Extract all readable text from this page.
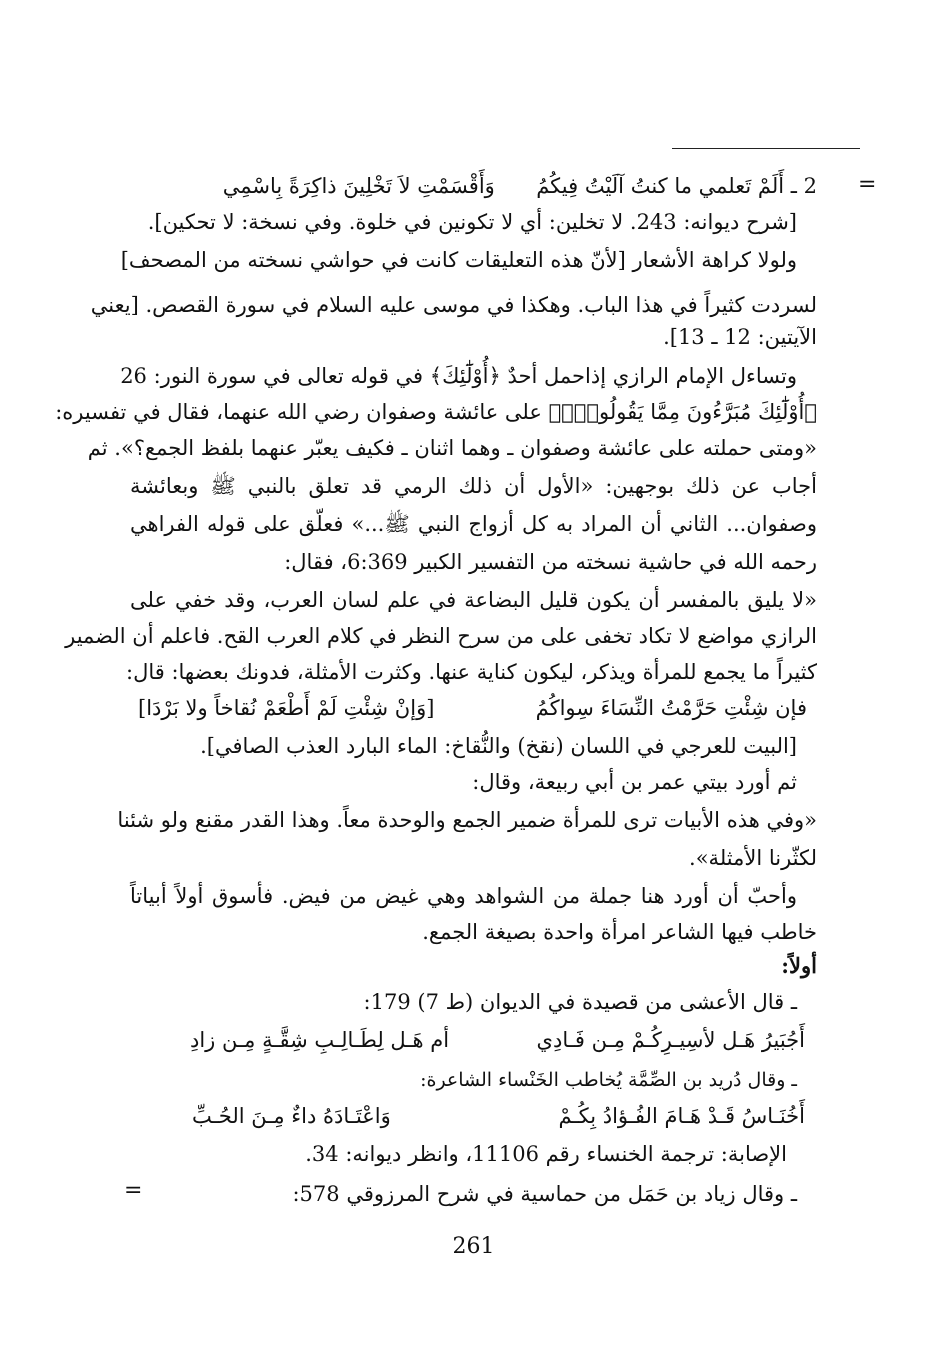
=
2 ـ أَلَمْ تَعلمي ما كنتُ آلَيْتُ فِيكُمُ  وَأَقْسَمْتِ لاَ تَخْلِينَ ذاكِرَةً بِاسْمِي
[شرح ديوانه: 243. لا تخلين: أي لا تكونين في خلوة. وفي نسخة: لا تحكين].
ولولا كراهة الأشعار [لأنّ هذه التعليقات كانت في حواشي نسخته من المصحف]
لسردت كثيراً في هذا الباب. وهكذا في موسى عليه السلام في سورة القصص. [يعني
الآيتين: 12 ـ 13].
وتساءل الإمام الرازي إذاحمل أحدٌ ﴿أُوْلَٰٓئِكَ﴾ في قوله تعالى في سورة النور: 26
﴿أُوْلَٰٓئِكَ مُبَرَّءُونَ مِمَّا يَقُولُونَۖ﴾ على عائشة وصفوان رضي الله عنهما، فقال في تفسيره:
«ومتى حملته على عائشة وصفوان ـ وهما اثنان ـ فكيف يعبّر عنهما بلفظ الجمع؟». ثم
أجاب عن ذلك بوجهين: «الأول أن ذلك الرمي قد تعلق بالنبي ﷺ وبعائشة
وصفوان... الثاني أن المراد به كل أزواج النبي ﷺ...» فعلّق على قوله الفراهي
رحمه الله في حاشية نسخته من التفسير الكبير 6:369، فقال:
«لا يليق بالمفسر أن يكون قليل البضاعة في علم لسان العرب، وقد خفي على
الرازي مواضع لا تكاد تخفى على من سرح النظر في كلام العرب القح. فاعلم أن الضمير
كثيراً ما يجمع للمرأة ويذكر، ليكون كناية عنها. وكثرت الأمثلة، فدونك بعضها: قال:
فإن شِئْتِ حَرَّمْتُ النِّسَاءَ سِواكُمُ
[وَإنْ شِئْتِ لَمْ أَطْعَمْ نُقاخاً ولا بَرْدَا]
[البيت للعرجي في اللسان (نقخ) والنُّقاخ: الماء البارد العذب الصافي].
ثم أورد بيتي عمر بن أبي ربيعة، وقال:
«وفي هذه الأبيات ترى للمرأة ضمير الجمع والوحدة معاً. وهذا القدر مقنع ولو شئنا
لكثّرنا الأمثلة».
وأحبّ أن أورد هنا جملة من الشواهد وهي غيض من فيض. فأسوق أولاً أبياتاً
خاطب فيها الشاعر امرأة واحدة بصيغة الجمع.
أولاً:
ـ قال الأعشى من قصيدة في الديوان (ط 7) 179:
أَجُبَيرُ هَـل لأسِيـرِكُـمْ مِـن فَـادِي
أم هَـل لِطَـالِـبِ شِقَّـةٍ مِـن زادِ
ـ وقال دُريد بن الصِّمَّة يُخاطب الخَنْساء الشاعرة:
أَخُنَـاسُ قَـدْ هَـامَ الفُـؤادُ بِكُـمْ
وَاعْتَـادَهُ داءٌ مِـنَ الحُـبِّ
الإصابة: ترجمة الخنساء رقم 11106، وانظر ديوانه: 34.
ـ وقال زياد بن حَمَل من حماسية في شرح المرزوقي 578:
=
261
